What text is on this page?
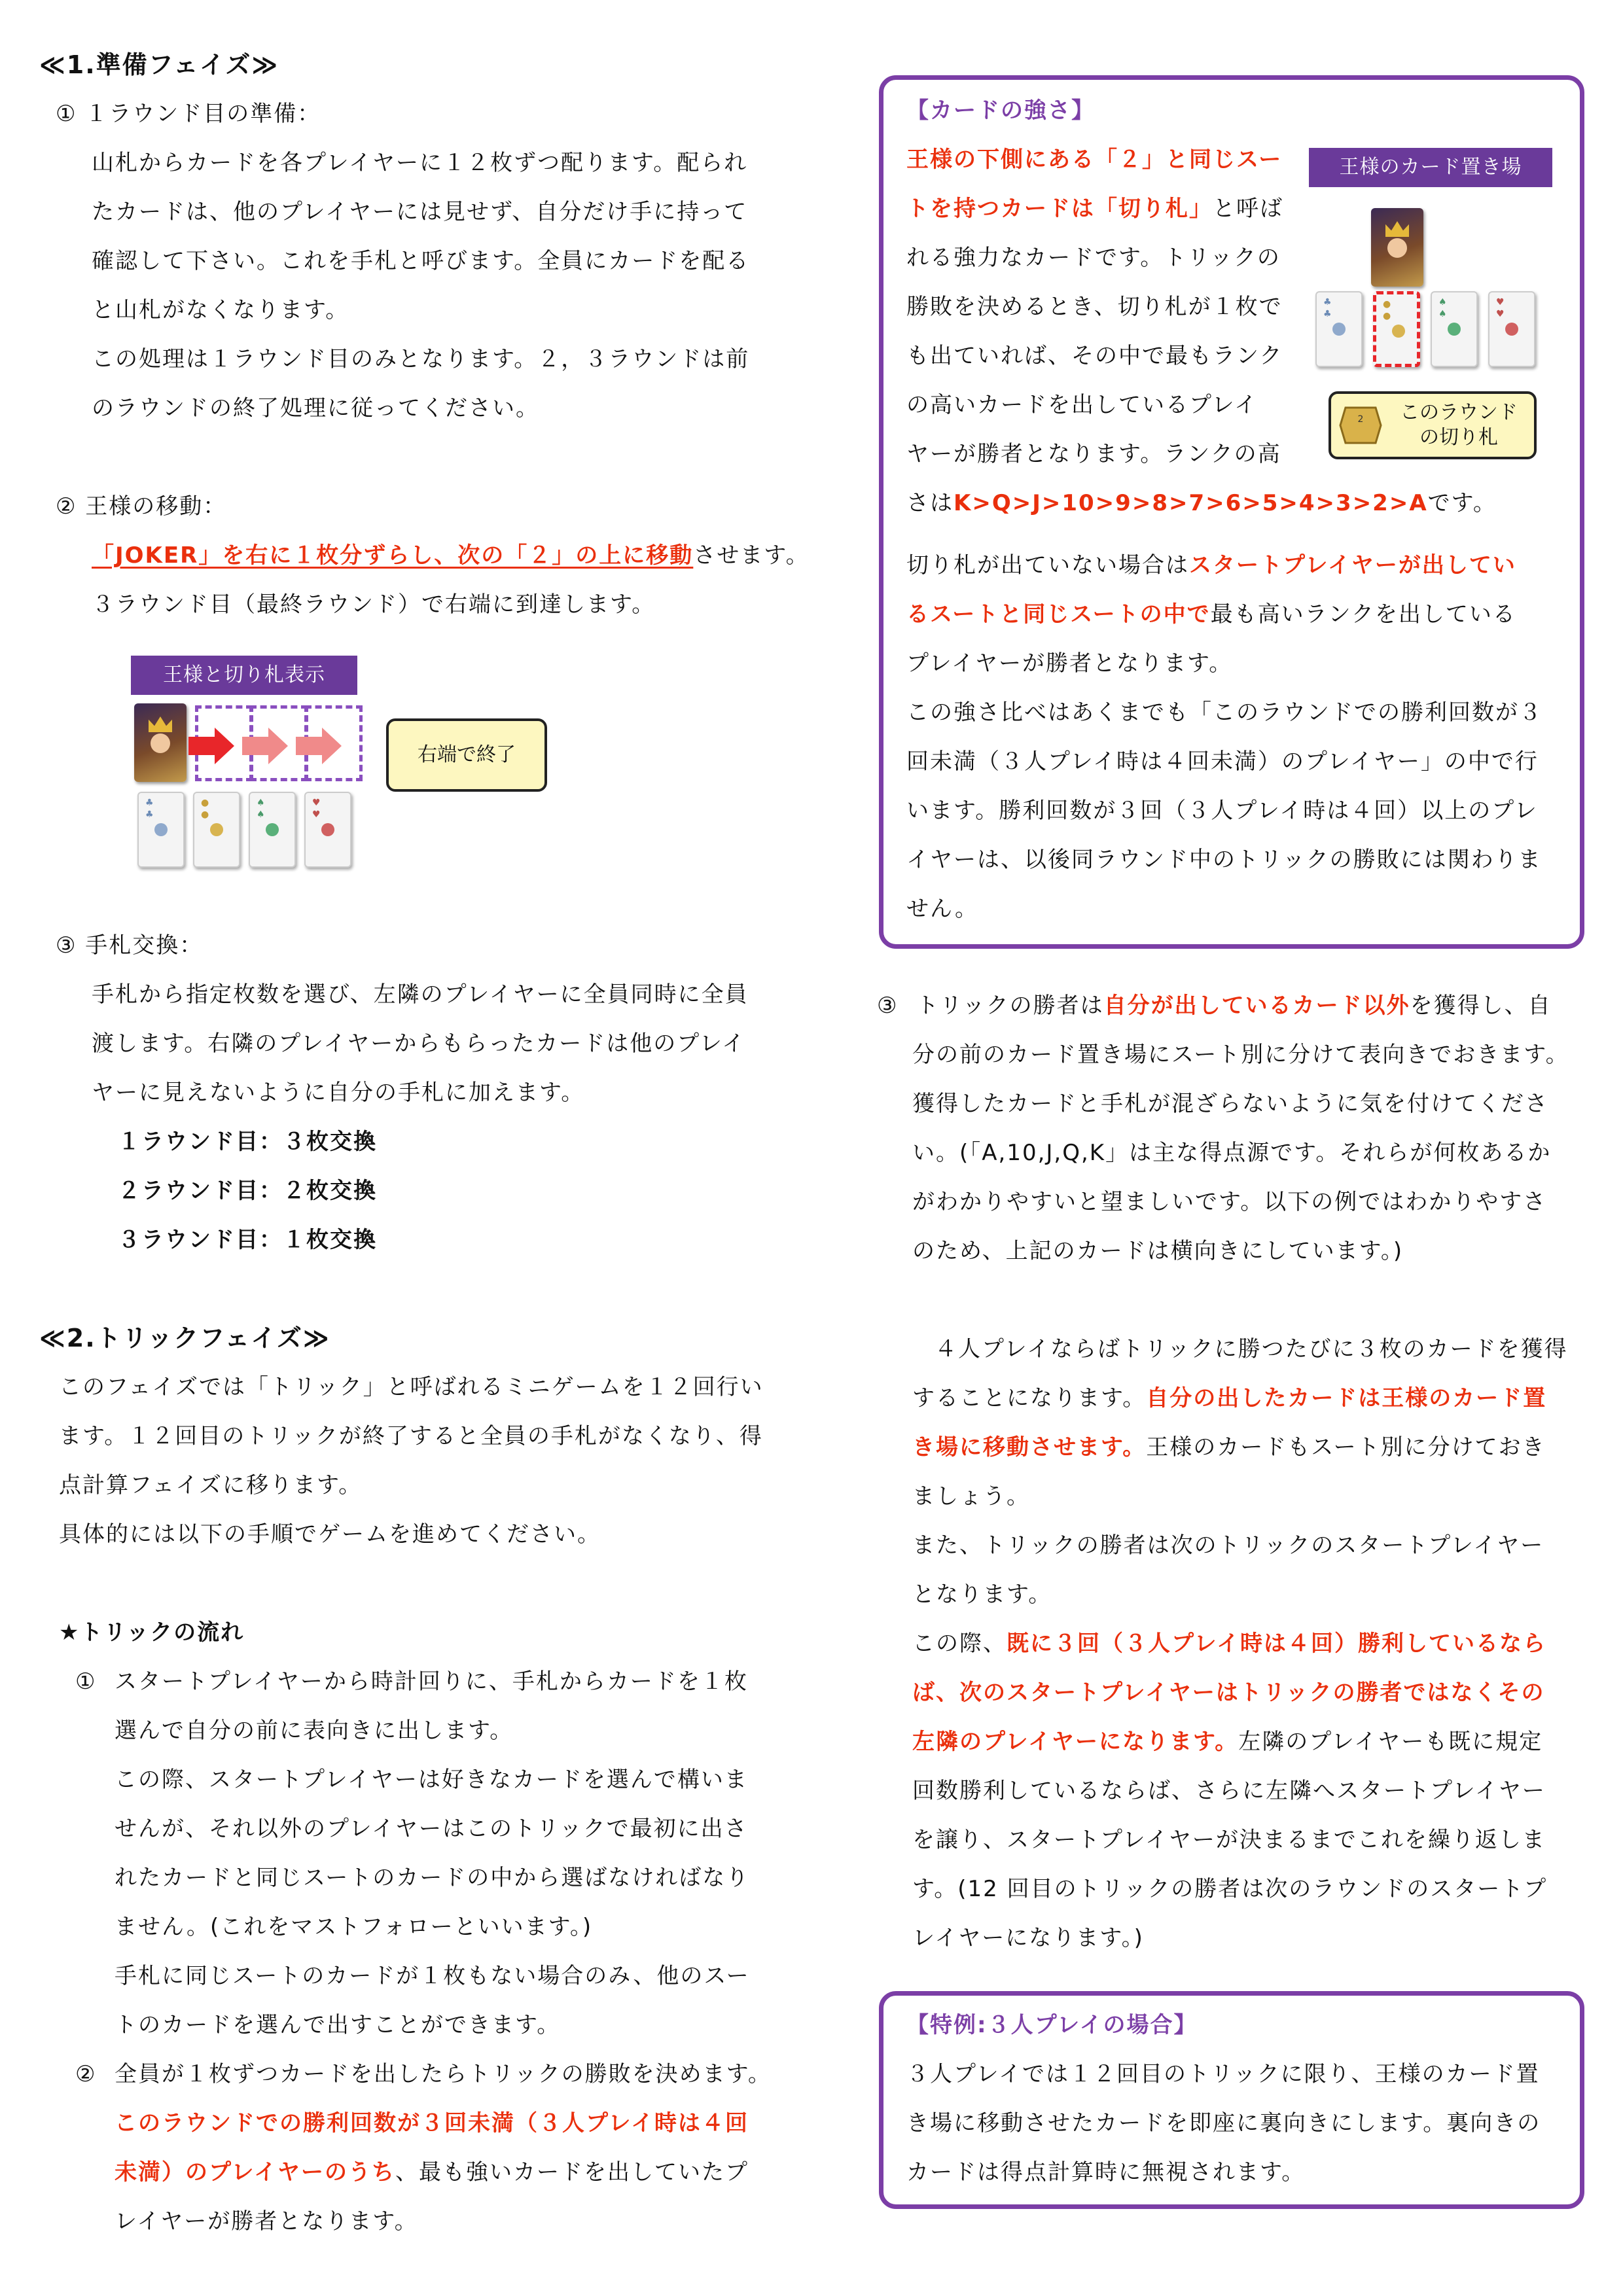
≪1.準備フェイズ≫

① １ラウンド目の準備：

山札からカードを各プレイヤーに１２枚ずつ配ります。配られ

たカードは、他のプレイヤーには見せず、自分だけ手に持って

確認して下さい。これを手札と呼びます。全員にカードを配る

と山札がなくなります。

この処理は１ラウンド目のみとなります。２，３ラウンドは前

のラウンドの終了処理に従ってください。

② 王様の移動：

「JOKER」を右に１枚分ずらし、次の「２」の上に移動させます。

３ラウンド目（最終ラウンド）で右端に到達します。

王様と切り札表示
♣
♣
●
●
♠
♠
♥
♥
右端で終了

③ 手札交換：

手札から指定枚数を選び、左隣のプレイヤーに全員同時に全員

渡します。右隣のプレイヤーからもらったカードは他のプレイ

ヤーに見えないように自分の手札に加えます。

１ラウンド目：３枚交換

２ラウンド目：２枚交換

３ラウンド目：１枚交換

≪2.トリックフェイズ≫

このフェイズでは「トリック」と呼ばれるミニゲームを１２回行い

ます。１２回目のトリックが終了すると全員の手札がなくなり、得

点計算フェイズに移ります。

具体的には以下の手順でゲームを進めてください。

★トリックの流れ

① スタートプレイヤーから時計回りに、手札からカードを１枚

選んで自分の前に表向きに出します。

この際、スタートプレイヤーは好きなカードを選んで構いま

せんが、それ以外のプレイヤーはこのトリックで最初に出さ

れたカードと同じスートのカードの中から選ばなければなり

ません。(これをマストフォローといいます。)

手札に同じスートのカードが１枚もない場合のみ、他のスー

トのカードを選んで出すことができます。

② 全員が１枚ずつカードを出したらトリックの勝敗を決めます。

このラウンドでの勝利回数が３回未満（３人プレイ時は４回

未満）のプレイヤーのうち、最も強いカードを出していたプ

レイヤーが勝者となります。

【カードの強さ】

王様の下側にある「２」と同じスー

トを持つカードは「切り札」と呼ば

れる強力なカードです。トリックの

勝敗を決めるとき、切り札が１枚で

も出ていれば、その中で最もランク

の高いカードを出しているプレイ

ヤーが勝者となります。ランクの高

さはK>Q>J>10>9>8>7>6>5>4>3>2>Aです。

切り札が出ていない場合はスタートプレイヤーが出してい

るスートと同じスートの中で最も高いランクを出している

プレイヤーが勝者となります。

この強さ比べはあくまでも「このラウンドでの勝利回数が３

回未満（３人プレイ時は４回未満）のプレイヤー」の中で行

います。勝利回数が３回（３人プレイ時は４回）以上のプレ

イヤーは、以後同ラウンド中のトリックの勝敗には関わりま

せん。

王様のカード置き場
♣
♣
●
●
♠
♠
♥
♥
2	このラウンド
の切り札
③ トリックの勝者は自分が出しているカード以外を獲得し、自

分の前のカード置き場にスート別に分けて表向きでおきます。

獲得したカードと手札が混ざらないように気を付けてくださ

い。(「A,10,J,Q,K」は主な得点源です。それらが何枚あるか

がわかりやすいと望ましいです。以下の例ではわかりやすさ

のため、上記のカードは横向きにしています。)

４人プレイならばトリックに勝つたびに３枚のカードを獲得

することになります。自分の出したカードは王様のカード置

き場に移動させます。王様のカードもスート別に分けておき

ましょう。

また、トリックの勝者は次のトリックのスタートプレイヤー

となります。

この際、既に３回（３人プレイ時は４回）勝利しているなら

ば、次のスタートプレイヤーはトリックの勝者ではなくその

左隣のプレイヤーになります。左隣のプレイヤーも既に規定

回数勝利しているならば、さらに左隣へスタートプレイヤー

を譲り、スタートプレイヤーが決まるまでこれを繰り返しま

す。(12 回目のトリックの勝者は次のラウンドのスタートプ

レイヤーになります。)

【特例:３人プレイの場合】

３人プレイでは１２回目のトリックに限り、王様のカード置

き場に移動させたカードを即座に裏向きにします。裏向きの

カードは得点計算時に無視されます。
